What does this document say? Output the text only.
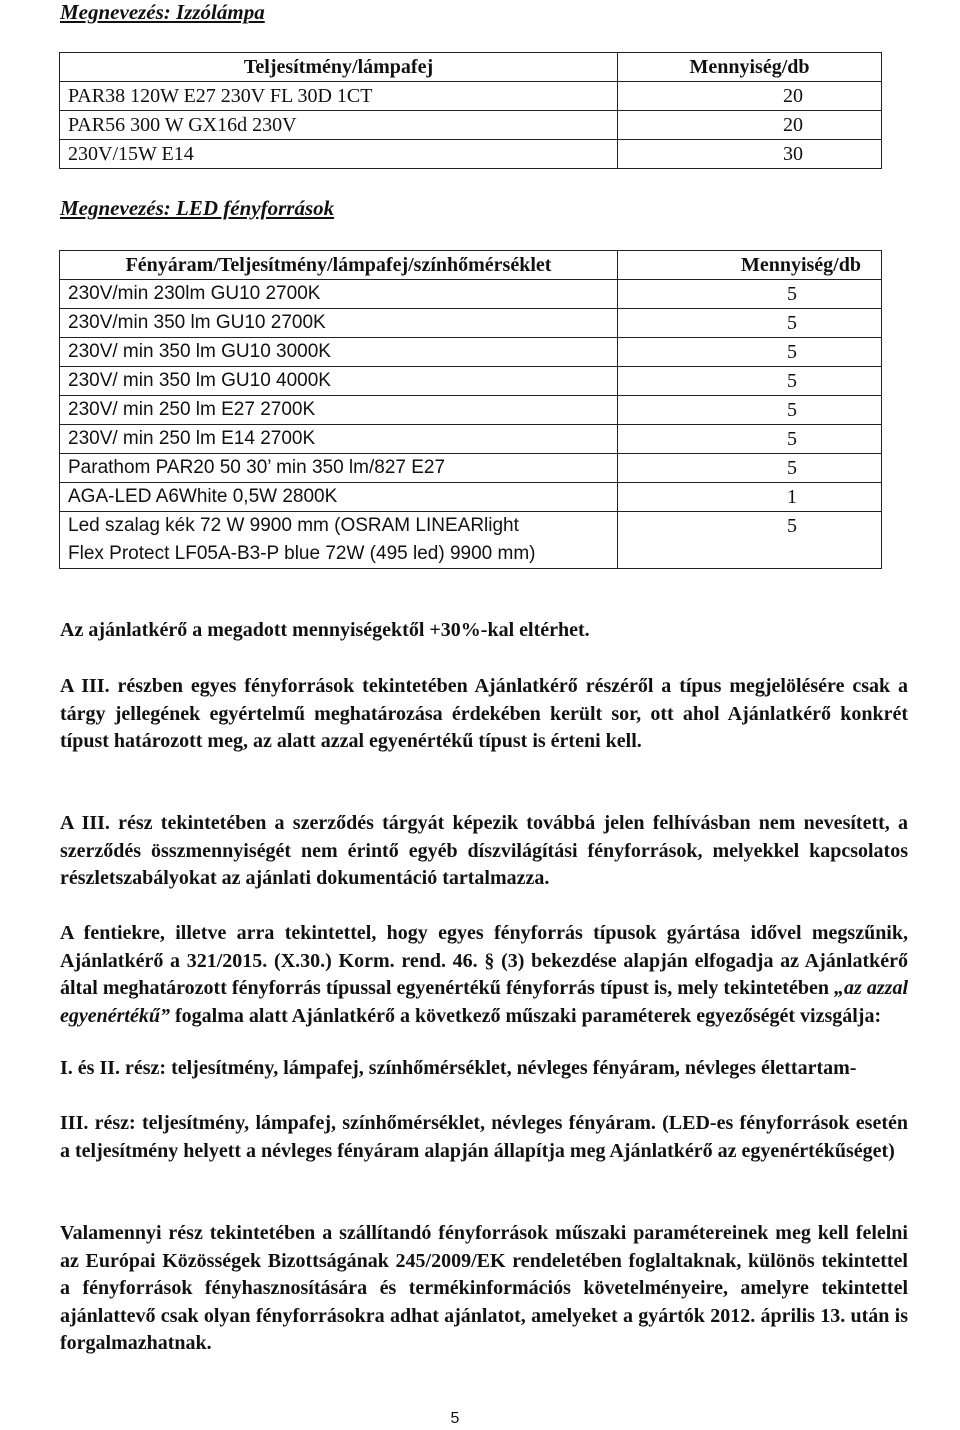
Megnevezés: Izzólámpa
Teljesítmény/lámpafej	Mennyiség/db
PAR38 120W E27 230V FL 30D 1CT	20
PAR56 300 W GX16d 230V	20
230V/15W E14	30
Megnevezés: LED fényforrások
Fényáram/Teljesítmény/lámpafej/színhőmérséklet	Mennyiség/db
230V/min 230lm GU10 2700K	5
230V/min 350 lm GU10 2700K	5
230V/ min 350 lm GU10 3000K	5
230V/ min 350 lm GU10 4000K	5
230V/ min 250 lm E27 2700K	5
230V/ min 250 lm E14 2700K	5
Parathom PAR20 50 30’ min 350 lm/827 E27	5
AGA-LED A6White 0,5W 2800K	1
Led szalag kék 72 W 9900 mm (OSRAM LINEARlight Flex Protect LF05A-B3-P blue 72W (495 led) 9900 mm)	5

Az ajánlatkérő a megadott mennyiségektől +30%-kal eltérhet.

A III. részben egyes fényforrások tekintetében Ajánlatkérő részéről a típus megjelölésére csak a tárgy jellegének egyértelmű meghatározása érdekében került sor, ott ahol Ajánlatkérő konkrét típust határozott meg, az alatt azzal egyenértékű típust is érteni kell.

A III. rész tekintetében a szerződés tárgyát képezik továbbá jelen felhívásban nem nevesített, a szerződés összmennyiségét nem érintő egyéb díszvilágítási fényforrások, melyekkel kapcsolatos részletszabályokat az ajánlati dokumentáció tartalmazza.

A fentiekre, illetve arra tekintettel, hogy egyes fényforrás típusok gyártása idővel megszűnik, Ajánlatkérő a 321/2015. (X.30.) Korm. rend. 46. § (3) bekezdése alapján elfogadja az Ajánlatkérő által meghatározott fényforrás típussal egyenértékű fényforrás típust is, mely tekintetében „az azzal egyenértékű” fogalma alatt Ajánlatkérő a következő műszaki paraméterek egyezőségét vizsgálja:

I. és II. rész: teljesítmény, lámpafej, színhőmérséklet, névleges fényáram, névleges élettartam-

III. rész: teljesítmény, lámpafej, színhőmérséklet, névleges fényáram. (LED-es fényforrások esetén a teljesítmény helyett a névleges fényáram alapján állapítja meg Ajánlatkérő az egyenértékűséget)

Valamennyi rész tekintetében a szállítandó fényforrások műszaki paramétereinek meg kell felelni az Európai Közösségek Bizottságának 245/2009/EK rendeletében foglaltaknak, különös tekintettel a fényforrások fényhasznosítására és termékinformációs követelményeire, amelyre tekintettel ajánlattevő csak olyan fényforrásokra adhat ajánlatot, amelyeket a gyártók 2012. április 13. után is forgalmazhatnak.

5
